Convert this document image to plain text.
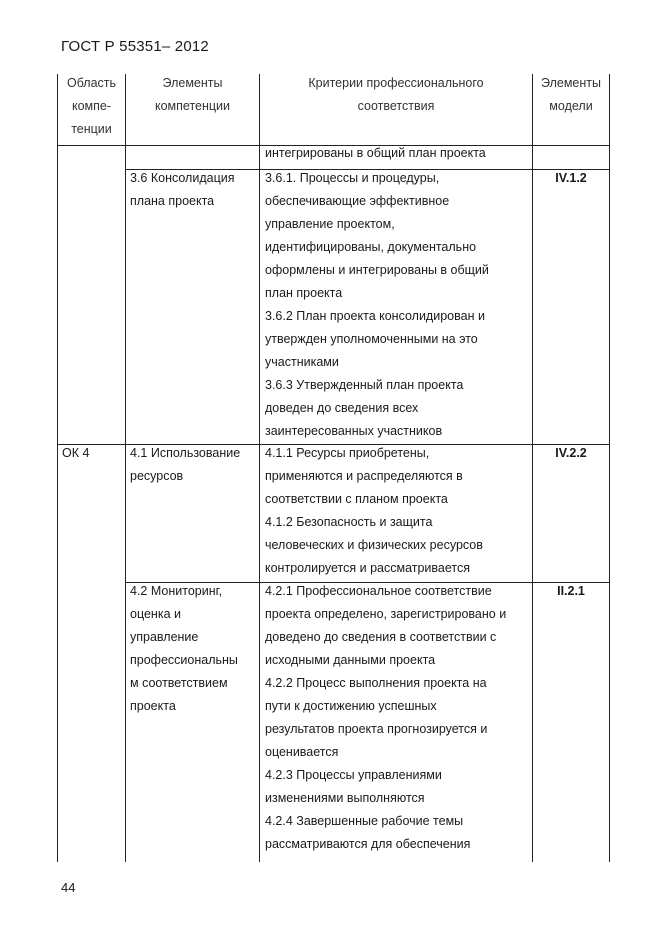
ГОСТ Р 55351– 2012
Область
компе-
тенции
Элементы
компетенции
Критерии профессионального
соответствия
Элементы
модели
интегрированы в общий план проекта
3.6 Консолидация
плана проекта
3.6.1. Процессы и процедуры,
обеспечивающие эффективное
управление проектом,
идентифицированы, документально
оформлены и интегрированы в общий
план проекта
3.6.2 План проекта консолидирован и
утвержден уполномоченными на это
участниками
3.6.3 Утвержденный план проекта
доведен до сведения всех
заинтересованных участников
IV.1.2
ОК 4	4.1 Использование
ресурсов
4.1.1 Ресурсы приобретены,
применяются и распределяются в
соответствии с планом проекта
4.1.2 Безопасность и защита
человеческих и физических ресурсов
контролируется и рассматривается
IV.2.2
4.2 Мониторинг,
оценка и
управление
профессиональны
м соответствием
проекта
4.2.1 Профессиональное соответствие
проекта определено, зарегистрировано и
доведено до сведения в соответствии с
исходными данными проекта
4.2.2 Процесс выполнения проекта на
пути к достижению успешных
результатов проекта прогнозируется и
оценивается
4.2.3 Процессы управлениями
изменениями выполняются
4.2.4 Завершенные рабочие темы
рассматриваются для обеспечения
II.2.1
44
